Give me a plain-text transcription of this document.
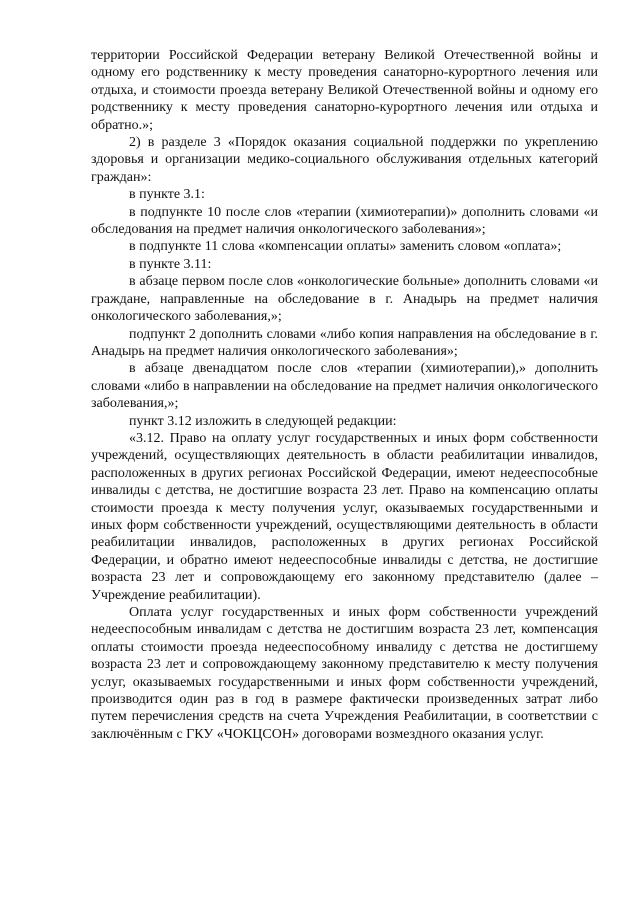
территории Российской Федерации ветерану Великой Отечественной войны и одному его родственнику к месту проведения санаторно-курортного лечения или отдыха, и стоимости проезда ветерану Великой Отечественной войны и одному его родственнику к месту проведения санаторно-курортного лечения или отдыха и обратно.»;

2) в разделе 3 «Порядок оказания социальной поддержки по укреплению здоровья и организации медико-социального обслуживания отдельных категорий граждан»:

в пункте 3.1:

в подпункте 10 после слов «терапии (химиотерапии)» дополнить словами «и обследования на предмет наличия онкологического заболевания»;

в подпункте 11 слова «компенсации оплаты» заменить словом «оплата»;

в пункте 3.11:

в абзаце первом после слов «онкологические больные» дополнить словами «и граждане, направленные на обследование в г. Анадырь на предмет наличия онкологического заболевания,»;

подпункт 2 дополнить словами «либо копия направления на обследование в г. Анадырь на предмет наличия онкологического заболевания»;

в абзаце двенадцатом после слов «терапии (химиотерапии),» дополнить словами «либо в направлении на обследование на предмет наличия онкологического заболевания,»;

пункт 3.12 изложить в следующей редакции:

«3.12. Право на оплату услуг государственных и иных форм собственности учреждений, осуществляющих деятельность в области реабилитации инвалидов, расположенных в других регионах Российской Федерации, имеют недееспособные инвалиды с детства, не достигшие возраста 23 лет. Право на компенсацию оплаты стоимости проезда к месту получения услуг, оказываемых государственными и иных форм собственности учреждений, осуществляющими деятельность в области реабилитации инвалидов, расположенных в других регионах Российской Федерации, и обратно имеют недееспособные инвалиды с детства, не достигшие возраста 23 лет и сопровождающему его законному представителю (далее – Учреждение реабилитации).

Оплата услуг государственных и иных форм собственности учреждений недееспособным инвалидам с детства не достигшим возраста 23 лет, компенсация оплаты стоимости проезда недееспособному инвалиду с детства не достигшему возраста 23 лет и сопровождающему законному представителю к месту получения услуг, оказываемых государственными и иных форм собственности учреждений, производится один раз в год в размере фактически произведенных затрат либо путем перечисления средств на счета Учреждения Реабилитации, в соответствии с заключённым с ГКУ «ЧОКЦСОН» договорами возмездного оказания услуг.
